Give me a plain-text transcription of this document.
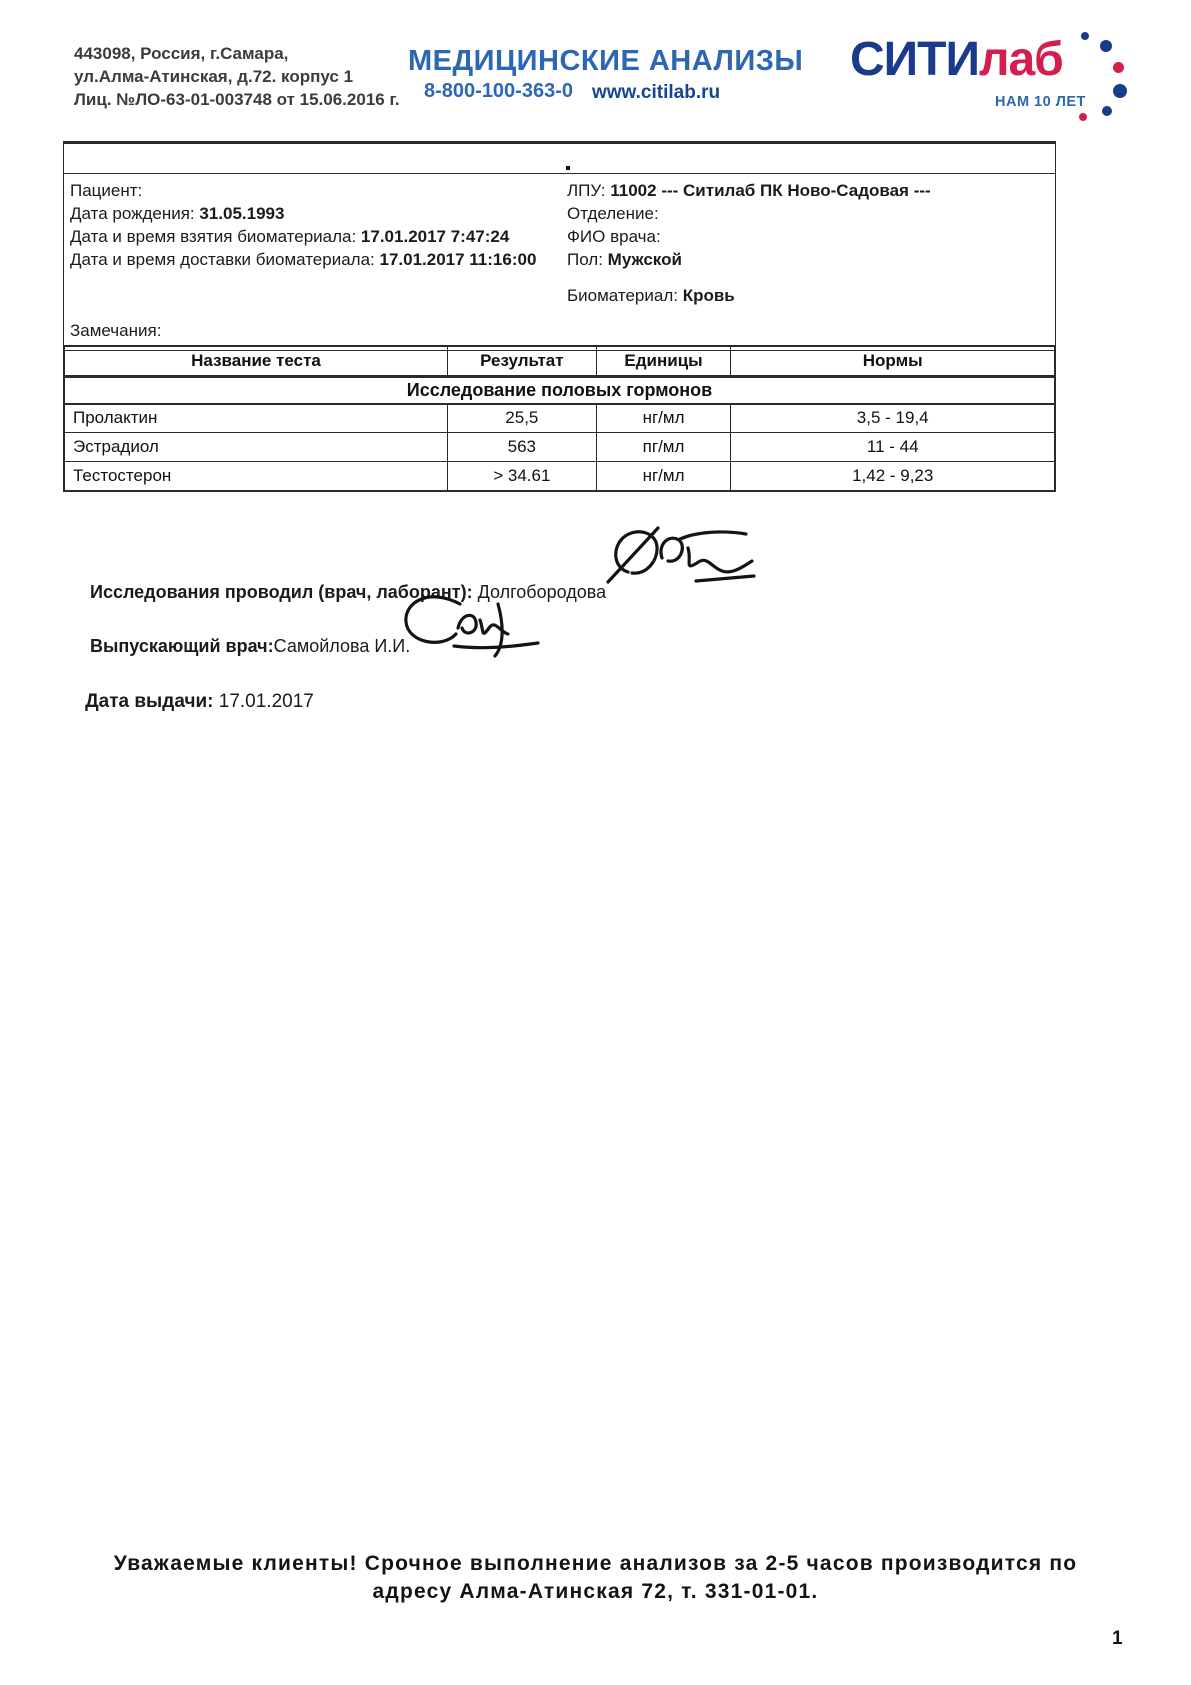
443098, Россия, г.Самара,
ул.Алма-Атинская, д.72. корпус 1
Лиц. №ЛО-63-01-003748 от 15.06.2016 г.
МЕДИЦИНСКИЕ АНАЛИЗЫ
8-800-100-363-0 www.citilab.ru
СИТИлаб
НАМ 10 ЛЕТ
Пациент:
Дата рождения: 31.05.1993
Дата и время взятия биоматериала: 17.01.2017 7:47:24
Дата и время доставки биоматериала: 17.01.2017 11:16:00
ЛПУ: 11002 --- Ситилаб ПК Ново-Садовая ---
Отделение:
ФИО врача:
Пол: Мужской
Биоматериал: Кровь
Замечания:
Исследование половых гормонов			
Название теста	Результат	Единицы	Нормы
Пролактин	25,5	нг/мл	3,5 - 19,4
Эстрадиол	563	пг/мл	11 - 44
Тестостерон	> 34.61	нг/мл	1,42 - 9,23

Исследования проводил (врач, лаборант): Долгобородова

Выпускающий врач:Самойлова И.И.

Дата выдачи: 17.01.2017

Уважаемые клиенты! Срочное выполнение анализов за 2-5 часов производится по
адресу Алма-Атинская 72, т. 331-01-01.
1
